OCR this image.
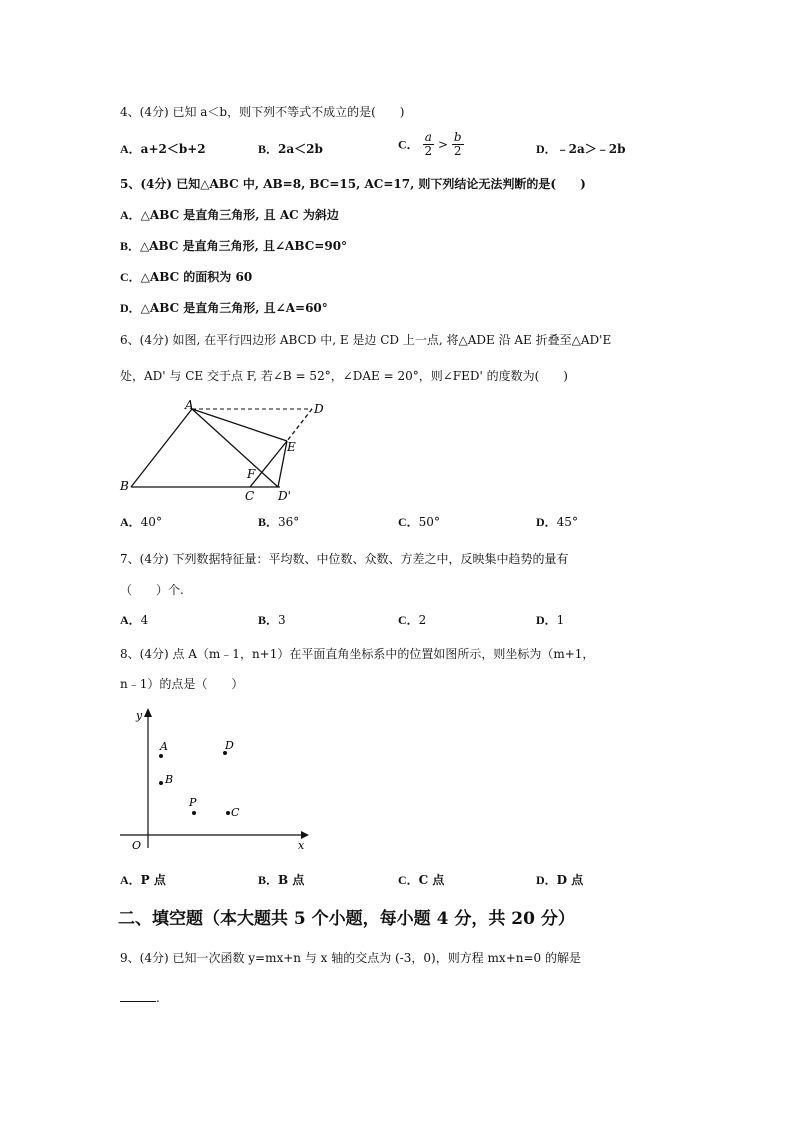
4、(4分) 已知 a＜b，则下列不等式不成立的是(　　)
A．a+2＜b+2	B．2a＜2b	C． $\frac{a}{2} > \frac{b}{2}$	D．﹣2a＞﹣2b
5、(4分) 已知△ABC 中, AB=8, BC=15, AC=17, 则下列结论无法判断的是(　　)
A．△ABC 是直角三角形, 且 AC 为斜边
B．△ABC 是直角三角形, 且∠ABC=90°
C．△ABC 的面积为 60
D．△ABC 是直角三角形, 且∠A=60°
6、(4分) 如图, 在平行四边形 ABCD 中, E 是边 CD 上一点, 将△ADE 沿 AE 折叠至△AD'E
处，AD' 与 CE 交于点 F, 若∠B = 52°，∠DAE = 20°，则∠FED' 的度数为(　　)
A
B
C
D
E
F
D'
A．40°	B．36°	C．50°	D．45°
7、(4分) 下列数据特征量：平均数、中位数、众数、方差之中，反映集中趋势的量有
（　　）个.
A．4	B．3	C．2	D．1
8、(4分) 点 A（m﹣1，n+1）在平面直角坐标系中的位置如图所示，则坐标为（m+1，
n﹣1）的点是（　　）
y
x
O
A
B
D
P
C
A．P 点	B．B 点	C．C 点	D．D 点
二、填空题（本大题共 5 个小题，每小题 4 分，共 20 分）
9、(4分) 已知一次函数 y=mx+n 与 x 轴的交点为 (-3，0)，则方程 mx+n=0 的解是
.
